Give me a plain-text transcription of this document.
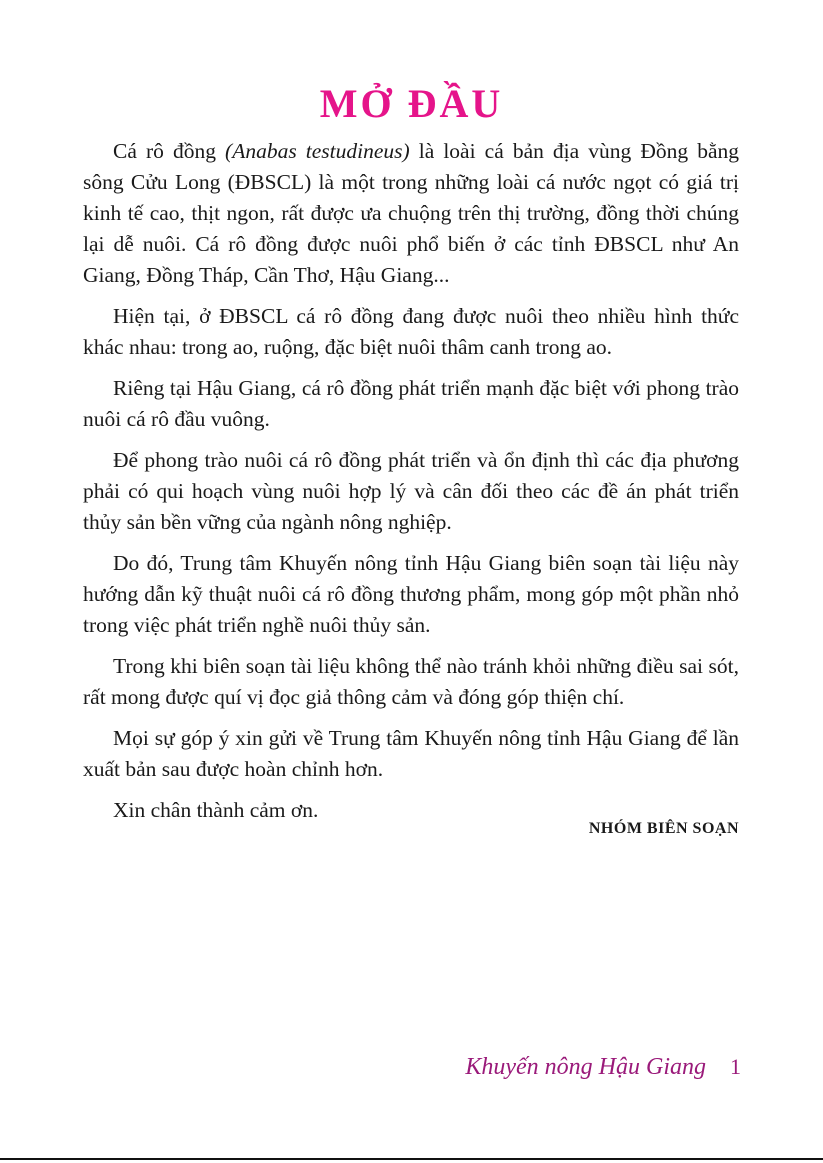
MỞ ĐẦU

Cá rô đồng (Anabas testudineus) là loài cá bản địa vùng Đồng bằng sông Cửu Long (ĐBSCL) là một trong những loài cá nước ngọt có giá trị kinh tế cao, thịt ngon, rất được ưa chuộng trên thị trường, đồng thời chúng lại dễ nuôi. Cá rô đồng được nuôi phổ biến ở các tỉnh ĐBSCL như An Giang, Đồng Tháp, Cần Thơ, Hậu Giang...

Hiện tại, ở ĐBSCL cá rô đồng đang được nuôi theo nhiều hình thức khác nhau: trong ao, ruộng, đặc biệt nuôi thâm canh trong ao.

Riêng tại Hậu Giang, cá rô đồng phát triển mạnh đặc biệt với phong trào nuôi cá rô đầu vuông.

Để phong trào nuôi cá rô đồng phát triển và ổn định thì các địa phương phải có qui hoạch vùng nuôi hợp lý và cân đối theo các đề án phát triển thủy sản bền vững của ngành nông nghiệp.

Do đó, Trung tâm Khuyến nông tỉnh Hậu Giang biên soạn tài liệu này hướng dẫn kỹ thuật nuôi cá rô đồng thương phẩm, mong góp một phần nhỏ trong việc phát triển nghề nuôi thủy sản.

Trong khi biên soạn tài liệu không thể nào tránh khỏi những điều sai sót, rất mong được quí vị đọc giả thông cảm và đóng góp thiện chí.

Mọi sự góp ý xin gửi về Trung tâm Khuyến nông tỉnh Hậu Giang để lần xuất bản sau được hoàn chỉnh hơn.

Xin chân thành cảm ơn.

NHÓM BIÊN SOẠN

Khuyến nông Hậu Giang 1
